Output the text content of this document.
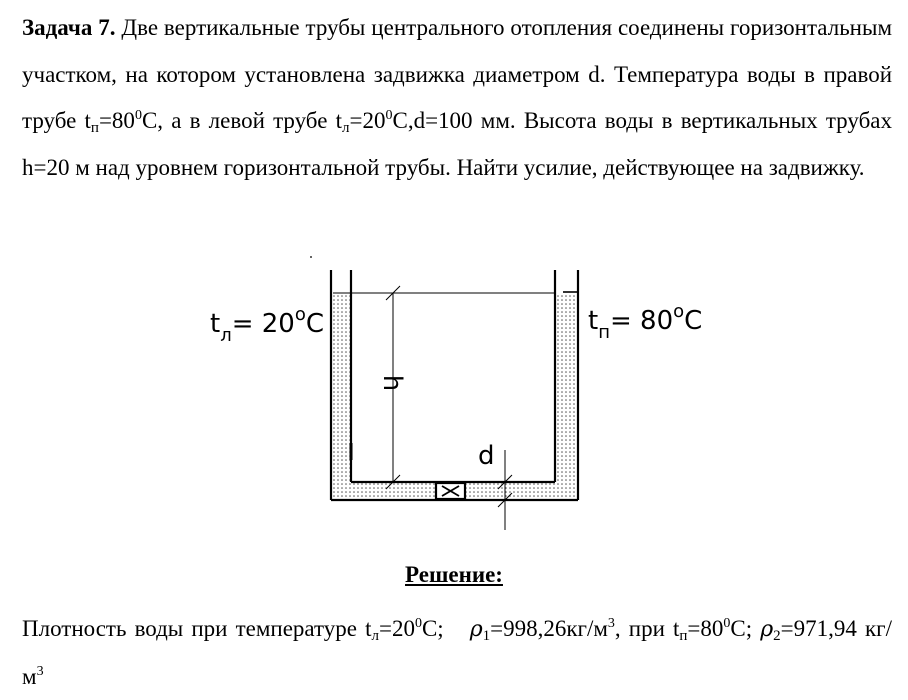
Задача 7. Две вертикальные трубы центрального отопления соединены горизонтальным участком, на котором установлена задвижка диаметром d. Температура воды в правой трубе $t_п=80^0С$, а в левой трубе $t_л=20^0С,d=100$ мм. Высота воды в вертикальных трубах h=20 м над уровнем горизонтальной трубы. Найти усилие, действующее на задвижку.

h
d
$t_л= 20^oC$	$t_п= 80^oC$

Решение:

Плотность воды при температуре $t_л=20^0С$; $\rho_1=998,26кг/м^3$, при $t_п=80^0С$; $\rho_2=971,94$ $кг/м^3$
